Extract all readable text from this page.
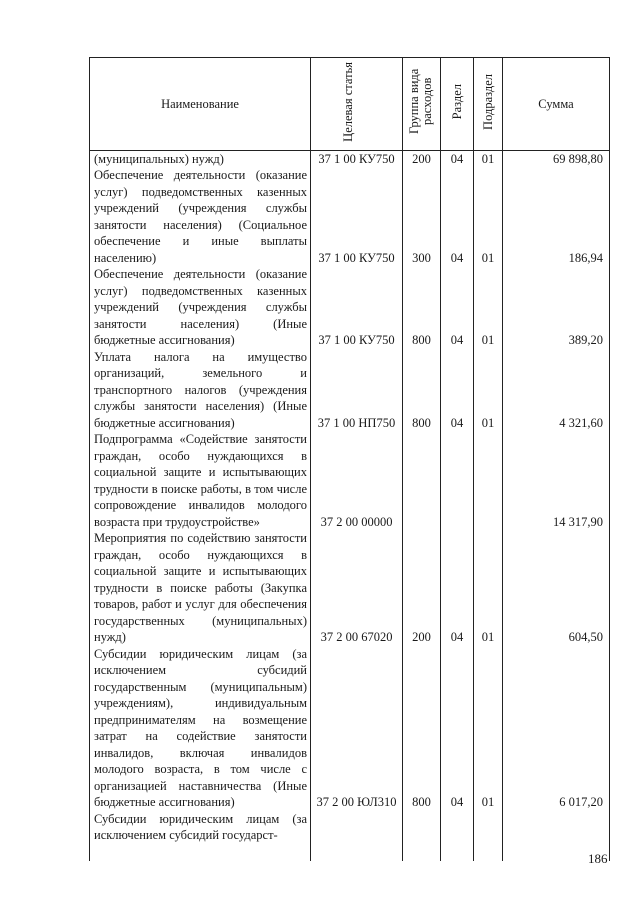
Наименование	Целевая статья	Группа вида расходов	Раздел	Подраздел	Сумма

(муниципальных) нужд)	37 1 00 КУ750	200	04	01	69 898,80

Обеспечение деятельности (оказание услуг) подведомственных казенных учреждений (учреждения службы занятости населения) (Социальное обеспечение и иные выплаты населению)	37 1 00 КУ750	300	04	01	186,94

Обеспечение деятельности (оказание услуг) подведомственных казенных учреждений (учреждения службы занятости населения) (Иные бюджетные ассигнования)	37 1 00 КУ750	800	04	01	389,20

Уплата налога на имущество организаций, земельного и транспортного налогов (учреждения службы занятости населения) (Иные бюджетные ассигнования)	37 1 00 НП750	800	04	01	4 321,60

Подпрограмма «Содействие занятости граждан, особо нуждающихся в социальной защите и испытывающих трудности в поиске работы, в том числе сопровождение инвалидов молодого возраста при трудоустройстве»	37 2 00 00000				14 317,90

Мероприятия по содействию занятости граждан, особо нуждающихся в социальной защите и испытывающих трудности в поиске работы (Закупка товаров, работ и услуг для обеспечения государственных (муниципальных) нужд)	37 2 00 67020	200	04	01	604,50

Субсидии юридическим лицам (за исключением субсидий государственным (муниципальным) учреждениям), индивидуальным предпринимателям на возмещение затрат на содействие занятости инвалидов, включая инвалидов молодого возраста, в том числе с организацией наставничества (Иные бюджетные ассигнования)	37 2 00 ЮЛ310	800	04	01	6 017,20

Субсидии юридическим лицам (за исключением субсидий государст-					

186
